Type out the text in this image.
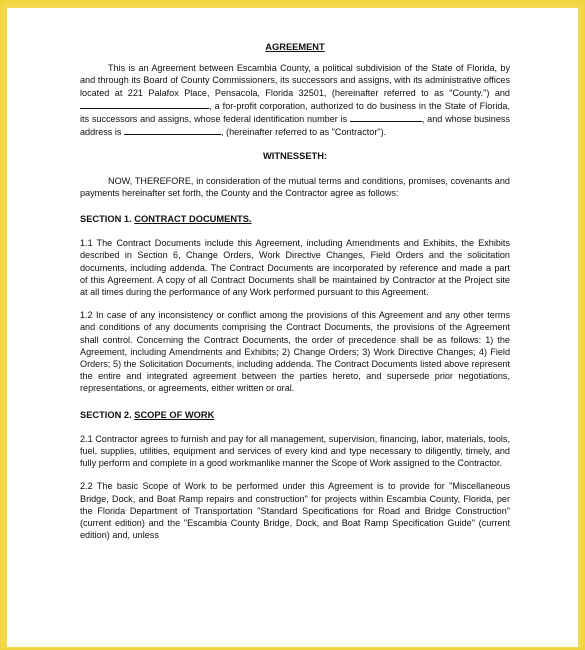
AGREEMENT

This is an Agreement between Escambia County, a political subdivision of the State of Florida, by and through its Board of County Commissioners, its successors and assigns, with its administrative offices located at 221 Palafox Place, Pensacola, Florida 32501, (hereinafter referred to as "County.") and , a for-profit corporation, authorized to do business in the State of Florida, its successors and assigns, whose federal identification number is	, and whose business address is	, (hereinafter referred to as "Contractor").

WITNESSETH:

NOW, THEREFORE, in consideration of the mutual terms and conditions, promises, covenants and payments hereinafter set forth, the County and the Contractor agree as follows:

SECTION 1. CONTRACT DOCUMENTS.

1.1 The Contract Documents include this Agreement, including Amendments and Exhibits, the Exhibits described in Section 6, Change Orders, Work Directive Changes, Field Orders and the solicitation documents, including addenda. The Contract Documents are incorporated by reference and made a part of this Agreement. A copy of all Contract Documents shall be maintained by Contractor at the Project site at all times during the performance of any Work performed pursuant to this Agreement.

1.2 In case of any inconsistency or conflict among the provisions of this Agreement and any other terms and conditions of any documents comprising the Contract Documents, the provisions of the Agreement shall control. Concerning the Contract Documents, the order of precedence shall be as follows: 1) the Agreement, including Amendments and Exhibits; 2) Change Orders; 3) Work Directive Changes; 4) Field Orders; 5) the Solicitation Documents, including addenda. The Contract Documents listed above represent the entire and integrated agreement between the parties hereto, and supersede prior negotiations, representations, or agreements, either written or oral.

SECTION 2. SCOPE OF WORK

2.1 Contractor agrees to furnish and pay for all management, supervision, financing, labor, materials, tools, fuel, supplies, utilities, equipment and services of every kind and type necessary to diligently, timely, and fully perform and complete in a good workmanlike manner the Scope of Work assigned to the Contractor.

2.2 The basic Scope of Work to be performed under this Agreement is to provide for "Miscellaneous Bridge, Dock, and Boat Ramp repairs and construction" for projects within Escambia County, Florida, per the Florida Department of Transportation "Standard Specifications for Road and Bridge Construction" (current edition) and the "Escambia County Bridge, Dock, and Boat Ramp Specification Guide" (current edition) and, unless
